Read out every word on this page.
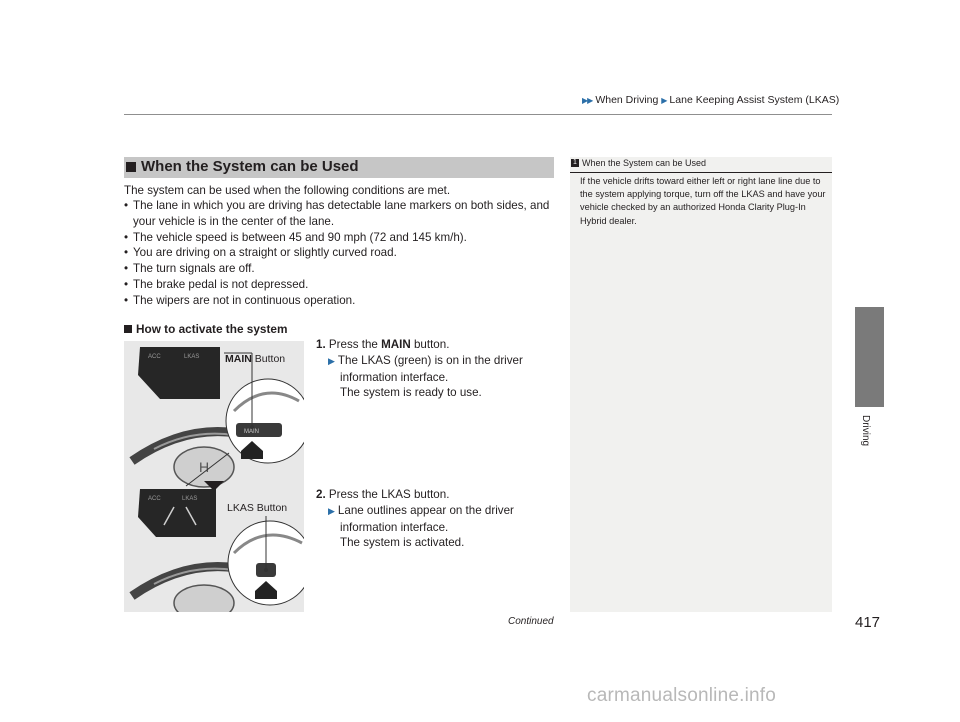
▶▶ When Driving ▶ Lane Keeping Assist System (LKAS)
Driving
When the System can be Used
The system can be used when the following conditions are met.
• The lane in which you are driving has detectable lane markers on both sides, and your vehicle is in the center of the lane.
• The vehicle speed is between 45 and 90 mph (72 and 145 km/h).
• You are driving on a straight or slightly curved road.
• The turn signals are off.
• The brake pedal is not depressed.
• The wipers are not in continuous operation.
How to activate the system
1. Press the MAIN button.
▶ The LKAS (green) is on in the driver
information interface.
The system is ready to use.
2. Press the LKAS button.
▶ Lane outlines appear on the driver
information interface.
The system is activated.
ACC	LKAS
H
MAIN
ACC	LKAS
MAIN Button
LKAS Button
1 When the System can be Used
If the vehicle drifts toward either left or right lane line due to the system applying torque, turn off the LKAS and have your vehicle checked by an authorized Honda Clarity Plug-In Hybrid dealer.
Continued	417
carmanualsonline.info
